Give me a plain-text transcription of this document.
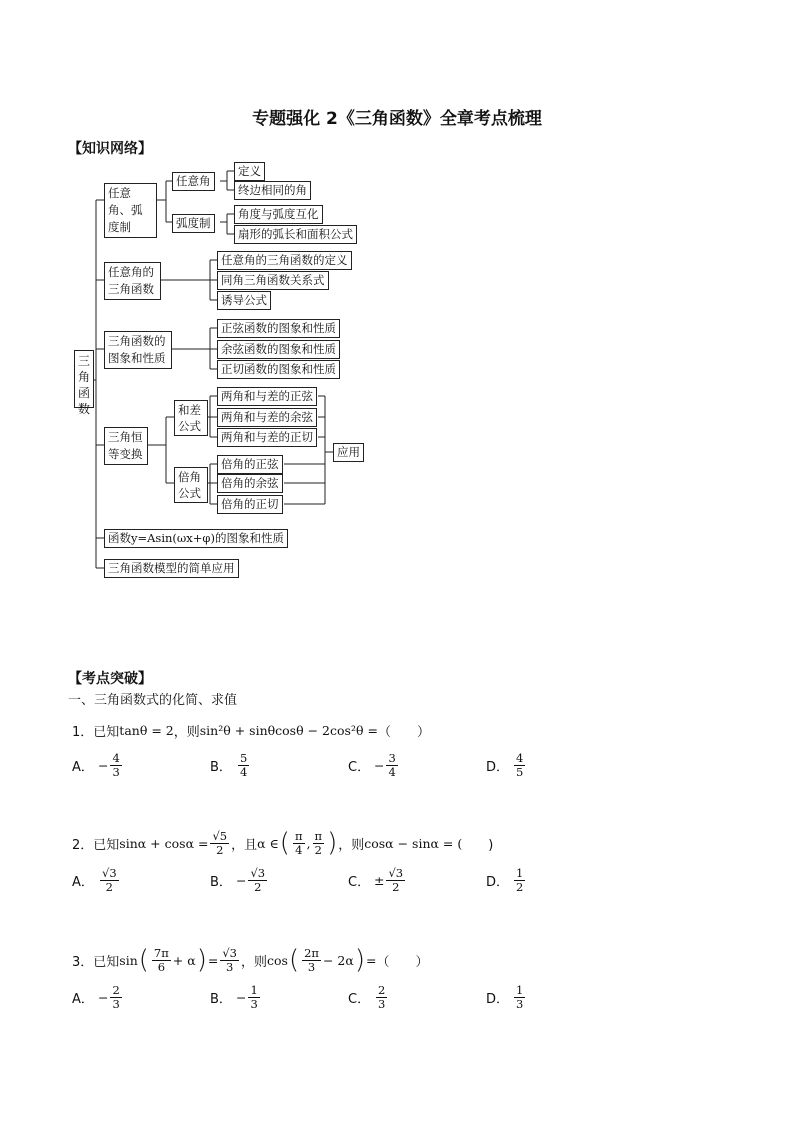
专题强化 2《三角函数》全章考点梳理
【知识网络】
三角函数
任意角、弧度制
任意角
定义
终边相同的角
弧度制
角度与弧度互化
扇形的弧长和面积公式
任意角的三角函数
任意角的三角函数的定义
同角三角函数关系式
诱导公式
三角函数的图象和性质
正弦函数的图象和性质
余弦函数的图象和性质
正切函数的图象和性质
三角恒等变换
和差公式
两角和与差的正弦
两角和与差的余弦
两角和与差的正切
倍角公式
倍角的正弦
倍角的余弦
倍角的正切
应用
函数y=Asin(ωx+φ)的图象和性质
三角函数模型的简单应用
【考点突破】
一、三角函数式的化简、求值
1． 已知 tanθ = 2 ，则 sin²θ + sinθcosθ − 2cos²θ = （　　）
A． − $\frac{4}{3}$	B． $\frac{5}{4}$	C． − $\frac{3}{4}$	D． $\frac{4}{5}$
2． 已知 $\sin\alpha + \cos\alpha = \frac{√5}{2}$ ，且 α ∈ ( $\frac{\pi}{4}$ , $\frac{\pi}{2}$ ) ，则 cosα − sinα = ( 　　)
A． $\frac{√3}{2}$	B． − $\frac{√3}{2}$	C． ± $\frac{√3}{2}$	D． $\frac{1}{2}$
3． 已知 sin ( $\frac{7\pi}{6} + \alpha$ ) = $\frac{√3}{3}$ ，则 cos ( $\frac{2\pi}{3} - 2\alpha$ ) = （　　）
A． − $\frac{2}{3}$	B． − $\frac{1}{3}$	C． $\frac{2}{3}$	D． $\frac{1}{3}$
